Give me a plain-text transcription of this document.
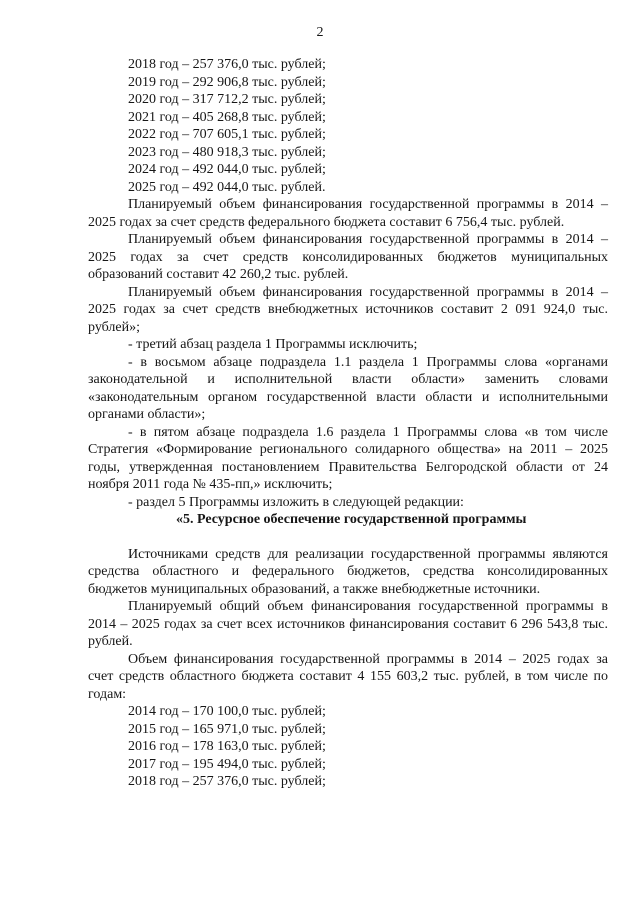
2
2018 год – 257 376,0 тыс. рублей;
2019 год – 292 906,8 тыс. рублей;
2020 год – 317 712,2 тыс. рублей;
2021 год – 405 268,8 тыс. рублей;
2022 год – 707 605,1 тыс. рублей;
2023 год – 480 918,3 тыс. рублей;
2024 год – 492 044,0 тыс. рублей;
2025 год – 492 044,0 тыс. рублей.

Планируемый объем финансирования государственной программы в 2014 – 2025 годах за счет средств федерального бюджета составит 6 756,4 тыс. рублей.

Планируемый объем финансирования государственной программы в 2014 – 2025 годах за счет средств консолидированных бюджетов муниципальных образований составит 42 260,2 тыс. рублей.

Планируемый объем финансирования государственной программы в 2014 – 2025 годах за счет средств внебюджетных источников составит 2 091 924,0 тыс. рублей»;

- третий абзац раздела 1 Программы исключить;

- в восьмом абзаце подраздела 1.1 раздела 1 Программы слова «органами законодательной и исполнительной власти области» заменить словами «законодательным органом государственной власти области и исполнительными органами области»;

- в пятом абзаце подраздела 1.6 раздела 1 Программы слова «в том числе Стратегия «Формирование регионального солидарного общества» на 2011 – 2025 годы, утвержденная постановлением Правительства Белгородской области от 24 ноября 2011 года № 435-пп,» исключить;

- раздел 5 Программы изложить в следующей редакции:

«5. Ресурсное обеспечение государственной программы

Источниками средств для реализации государственной программы являются средства областного и федерального бюджетов, средства консолидированных бюджетов муниципальных образований, а также внебюджетные источники.

Планируемый общий объем финансирования государственной программы в 2014 – 2025 годах за счет всех источников финансирования составит 6 296 543,8 тыс. рублей.

Объем финансирования государственной программы в 2014 – 2025 годах за счет средств областного бюджета составит 4 155 603,2 тыс. рублей, в том числе по годам:

2014 год – 170 100,0 тыс. рублей;
2015 год – 165 971,0 тыс. рублей;
2016 год – 178 163,0 тыс. рублей;
2017 год – 195 494,0 тыс. рублей;
2018 год – 257 376,0 тыс. рублей;
